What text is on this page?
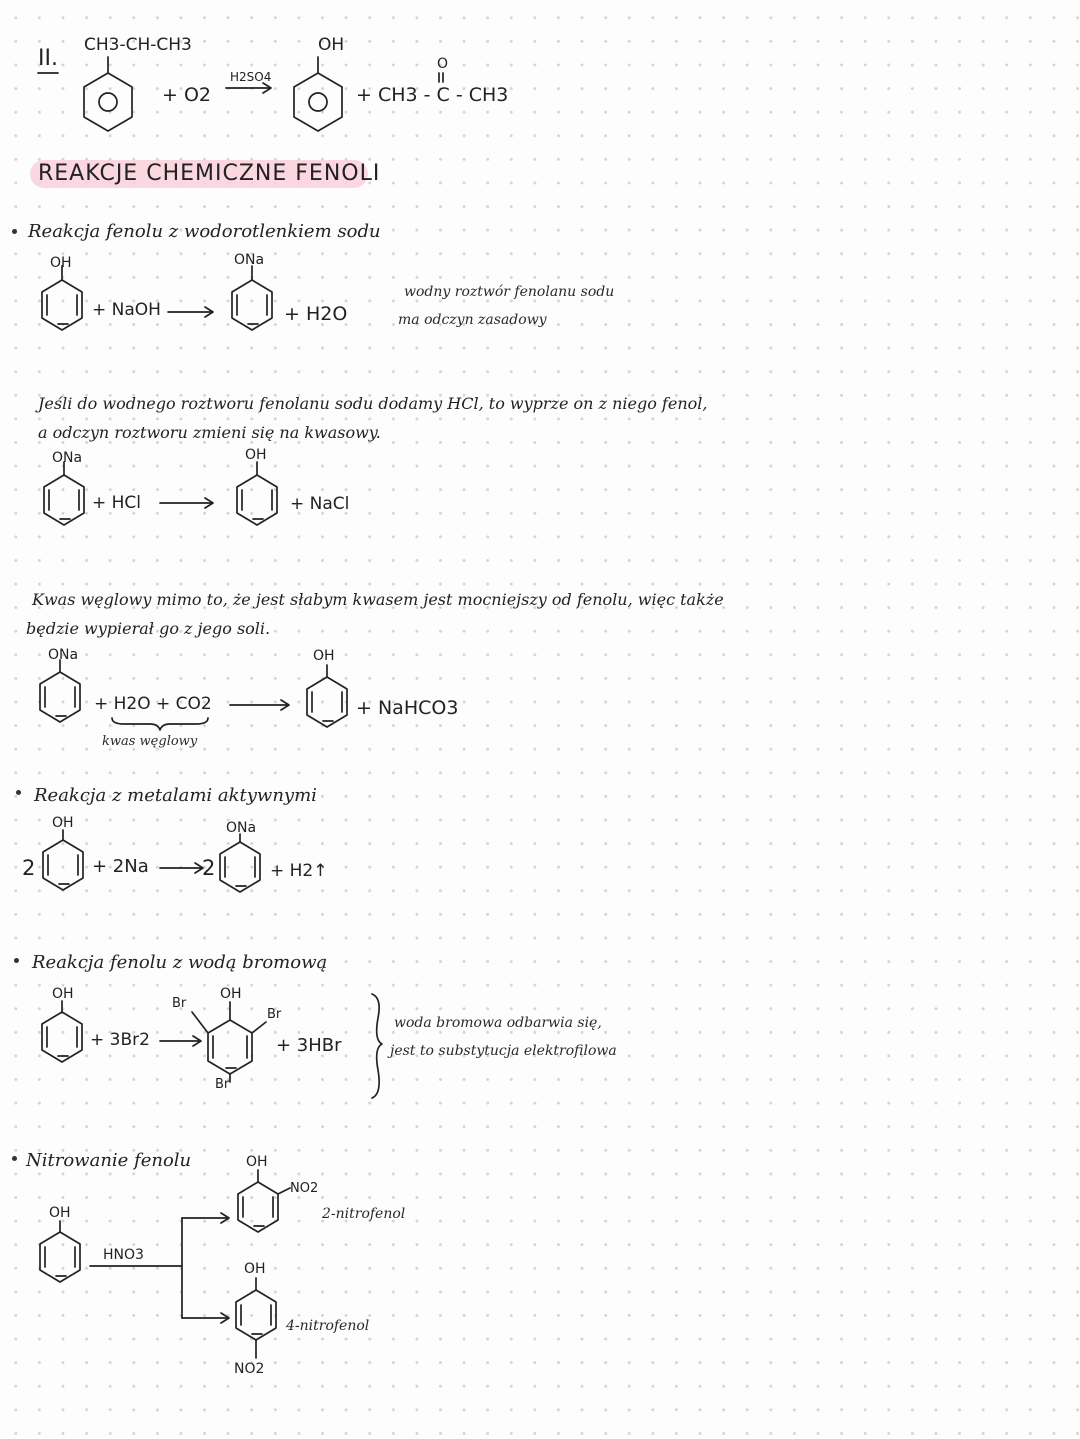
II.
CH3-CH-CH3
+ O2
H2SO4
OH
+ CH3 - C - CH3
O
REAKCJE CHEMICZNE FENOLI
Reakcja fenolu z wodorotlenkiem sodu
OH
+ NaOH
ONa
+ H2O
wodny roztwór fenolanu sodu
ma odczyn zasadowy
Jeśli do wodnego roztworu fenolanu sodu dodamy HCl, to wyprze on z niego fenol,
a odczyn roztworu zmieni się na kwasowy.
ONa
+ HCl
OH
+ NaCl
Kwas węglowy mimo to, że jest słabym kwasem jest mocniejszy od fenolu, więc także
będzie wypierał go z jego soli.
ONa
+ H2O + CO2
kwas węglowy
OH
+ NaHCO3
Reakcja z metalami aktywnymi
2
OH
+ 2Na	2
ONa
+ H2↑
Reakcja fenolu z wodą bromową
OH
+ 3Br2
OH
Br
Br
Br
+ 3HBr
woda bromowa odbarwia się,
jest to substytucja elektrofilowa
Nitrowanie fenolu
OH
HNO3
OH
NO2
2-nitrofenol
OH
NO2
4-nitrofenol
